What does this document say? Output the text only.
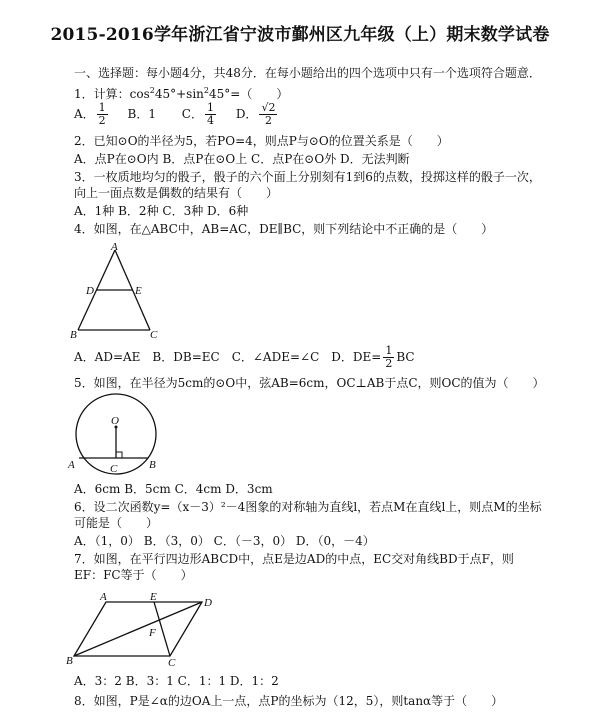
2015-2016学年浙江省宁波市鄞州区九年级（上）期末数学试卷
一、选择题：每小题4分，共48分．在每小题给出的四个选项中只有一个选项符合题意．
1．计算：$\cos^245^\circ+\sin^245^\circ=$（　　）
A． $\frac{1}{2}$ B．1 C． $\frac{1}{4}$ D． $\frac{√2}{2}$
2．已知⊙O的半径为5，若PO=4，则点P与⊙O的位置关系是（　　）
A．点P在⊙O内 B．点P在⊙O上 C．点P在⊙O外 D．无法判断
3．一枚质地均匀的骰子，骰子的六个面上分别刻有1到6的点数，投掷这样的骰子一次，
向上一面点数是偶数的结果有（　　）
A．1种 B．2种 C．3种 D．6种
4．如图，在△ABC中，AB=AC，DE∥BC，则下列结论中不正确的是（　　）
A
D	E
B	C
A．AD=AE　B．DB=EC　C．∠ADE=∠C　D．$DE= \frac{1}{2}$ BC
5．如图，在半径为5cm的⊙O中，弦AB=6cm，OC⊥AB于点C，则OC的值为（　　）
O
A	B
C
A．6cm B．5cm C．4cm D．3cm
6．设二次函数y=（x－3）²－4图象的对称轴为直线l，若点M在直线l上，则点M的坐标
可能是（　　）
A．（1，0） B．（3，0） C．（－3，0） D．（0，－4）
7．如图，在平行四边形ABCD中，点E是边AD的中点，EC交对角线BD于点F，则
EF：FC等于（　　）
A	E	D
F
B	C
A．3：2 B．3：1 C．1：1 D．1：2
8．如图，P是∠α的边OA上一点，点P的坐标为（12，5），则tanα等于（　　）
